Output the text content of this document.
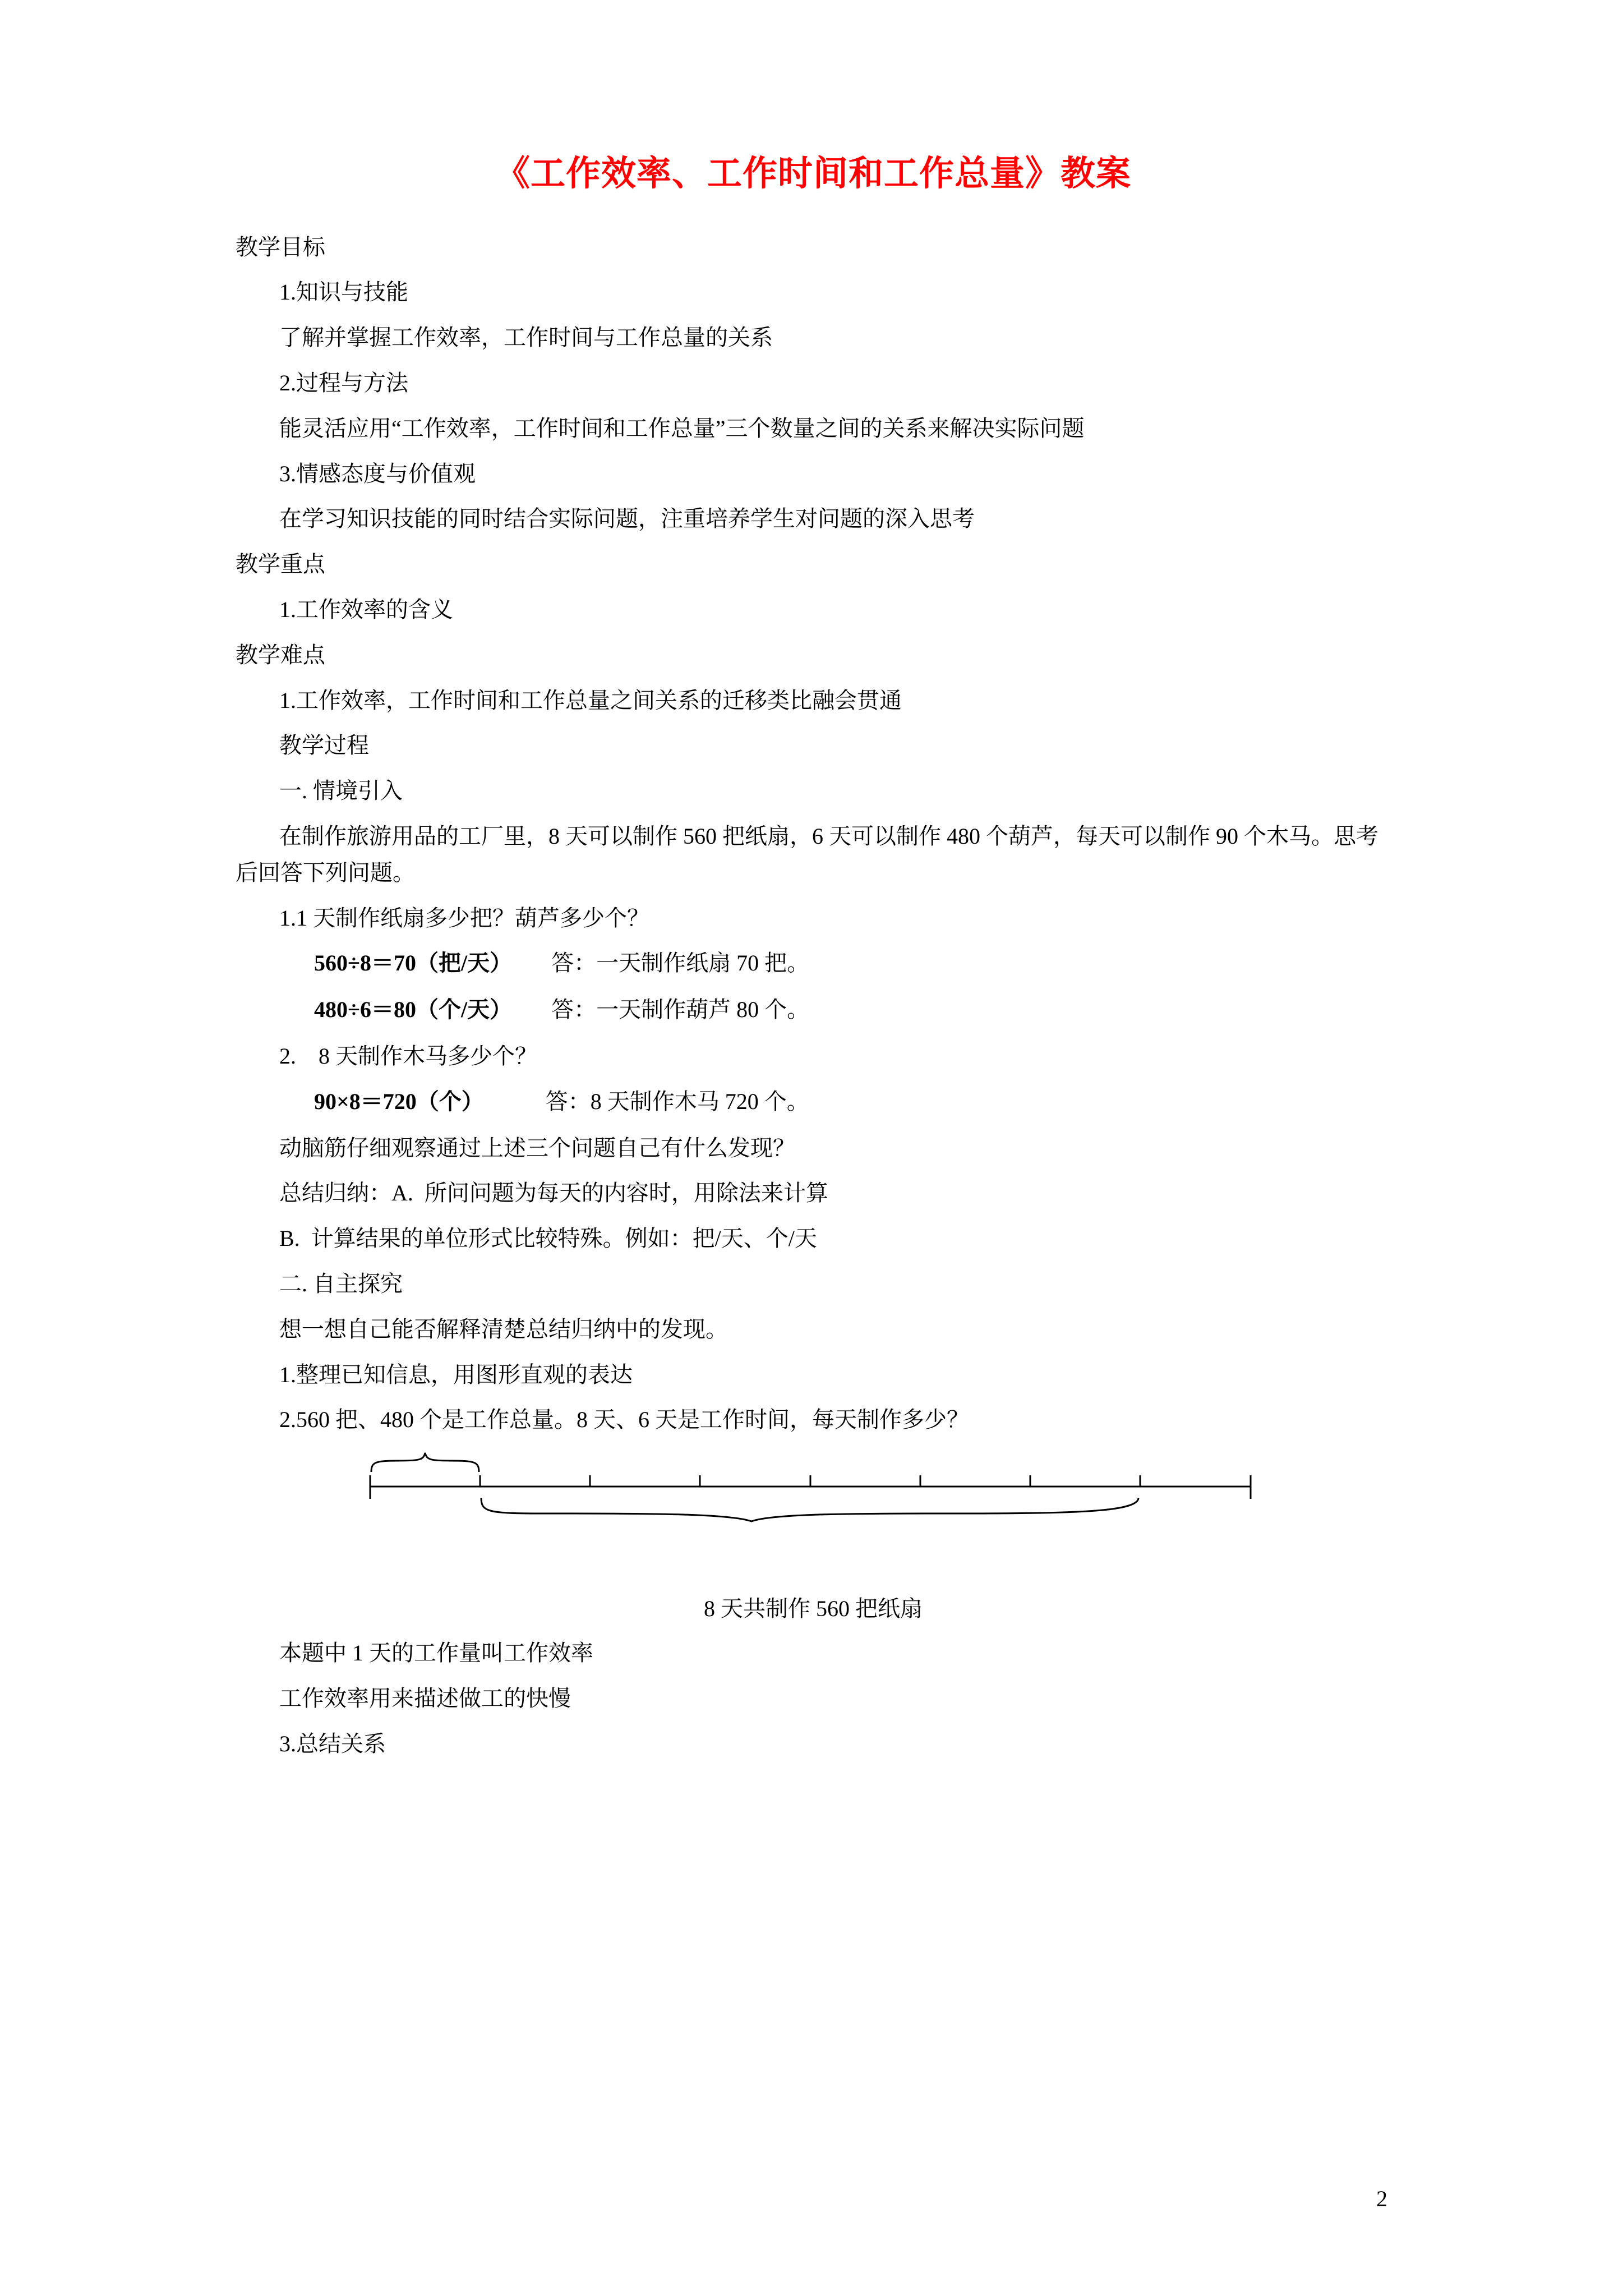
《工作效率、工作时间和工作总量》教案

教学目标

1.知识与技能

了解并掌握工作效率，工作时间与工作总量的关系

2.过程与方法

能灵活应用“工作效率，工作时间和工作总量”三个数量之间的关系来解决实际问题

3.情感态度与价值观

在学习知识技能的同时结合实际问题，注重培养学生对问题的深入思考

教学重点

1.工作效率的含义

教学难点

1.工作效率，工作时间和工作总量之间关系的迁移类比融会贯通

教学过程

一. 情境引入

在制作旅游用品的工厂里，8 天可以制作 560 把纸扇，6 天可以制作 480 个葫芦，每天可以制作 90 个木马。思考后回答下列问题。

1.1 天制作纸扇多少把？葫芦多少个？

560÷8＝70（把/天） 答：一天制作纸扇 70 把。

480÷6＝80（个/天） 答：一天制作葫芦 80 个。

2.    8 天制作木马多少个？

90×8＝720（个）	答：8 天制作木马 720 个。

动脑筋仔细观察通过上述三个问题自己有什么发现？

总结归纳：A.  所问问题为每天的内容时，用除法来计算

B.  计算结果的单位形式比较特殊。例如：把/天、个/天

二. 自主探究

想一想自己能否解释清楚总结归纳中的发现。

1.整理已知信息，用图形直观的表达

2.560 把、480 个是工作总量。8 天、6 天是工作时间，每天制作多少？

8 天共制作 560 把纸扇

本题中 1 天的工作量叫工作效率

工作效率用来描述做工的快慢

3.总结关系

2
